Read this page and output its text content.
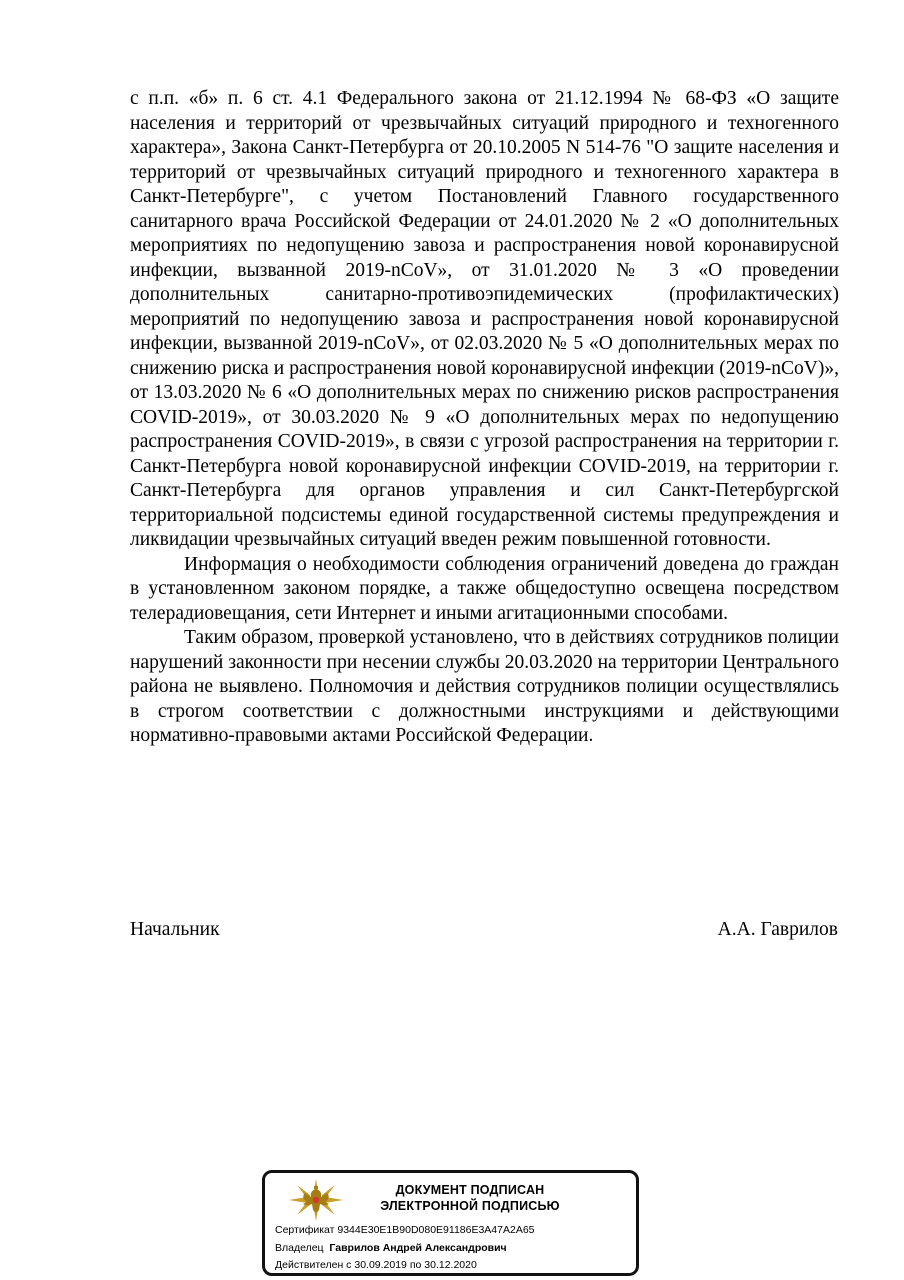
с п.п. «б» п. 6 ст. 4.1 Федерального закона от 21.12.1994 № 68-ФЗ «О защите населения и территорий от чрезвычайных ситуаций природного и техногенного характера», Закона Санкт-Петербурга от 20.10.2005 N 514-76 "О защите населения и территорий от чрезвычайных ситуаций природного и техногенного характера в Санкт-Петербурге", с учетом Постановлений Главного государственного санитарного врача Российской Федерации от 24.01.2020 № 2 «О дополнительных мероприятиях по недопущению завоза и распространения новой коронавирусной инфекции, вызванной 2019-nCoV», от 31.01.2020 № 3 «О проведении дополнительных санитарно-противоэпидемических (профилактических) мероприятий по недопущению завоза и распространения новой коронавирусной инфекции, вызванной 2019-nCoV», от 02.03.2020 № 5 «О дополнительных мерах по снижению риска и распространения новой коронавирусной инфекции (2019-nCoV)», от 13.03.2020 № 6 «О дополнительных мерах по снижению рисков распространения COVID-2019», от 30.03.2020 № 9 «О дополнительных мерах по недопущению распространения COVID-2019», в связи с угрозой распространения на территории г. Санкт-Петербурга новой коронавирусной инфекции COVID-2019, на территории г. Санкт-Петербурга для органов управления и сил Санкт-Петербургской территориальной подсистемы единой государственной системы предупреждения и ликвидации чрезвычайных ситуаций введен режим повышенной готовности.

Информация о необходимости соблюдения ограничений доведена до граждан в установленном законом порядке, а также общедоступно освещена посредством телерадиовещания, сети Интернет и иными агитационными способами.

Таким образом, проверкой установлено, что в действиях сотрудников полиции нарушений законности при несении службы 20.03.2020 на территории Центрального района не выявлено. Полномочия и действия сотрудников полиции осуществлялись в строгом соответствии с должностными инструкциями и действующими нормативно-правовыми актами Российской Федерации.

Начальник	А.А. Гаврилов
ДОКУМЕНТ ПОДПИСАН
ЭЛЕКТРОННОЙ ПОДПИСЬЮ
Сертификат 9344E30E1B90D080E91186E3A47A2A65
Владелец Гаврилов Андрей Александрович
Действителен с 30.09.2019 по 30.12.2020
